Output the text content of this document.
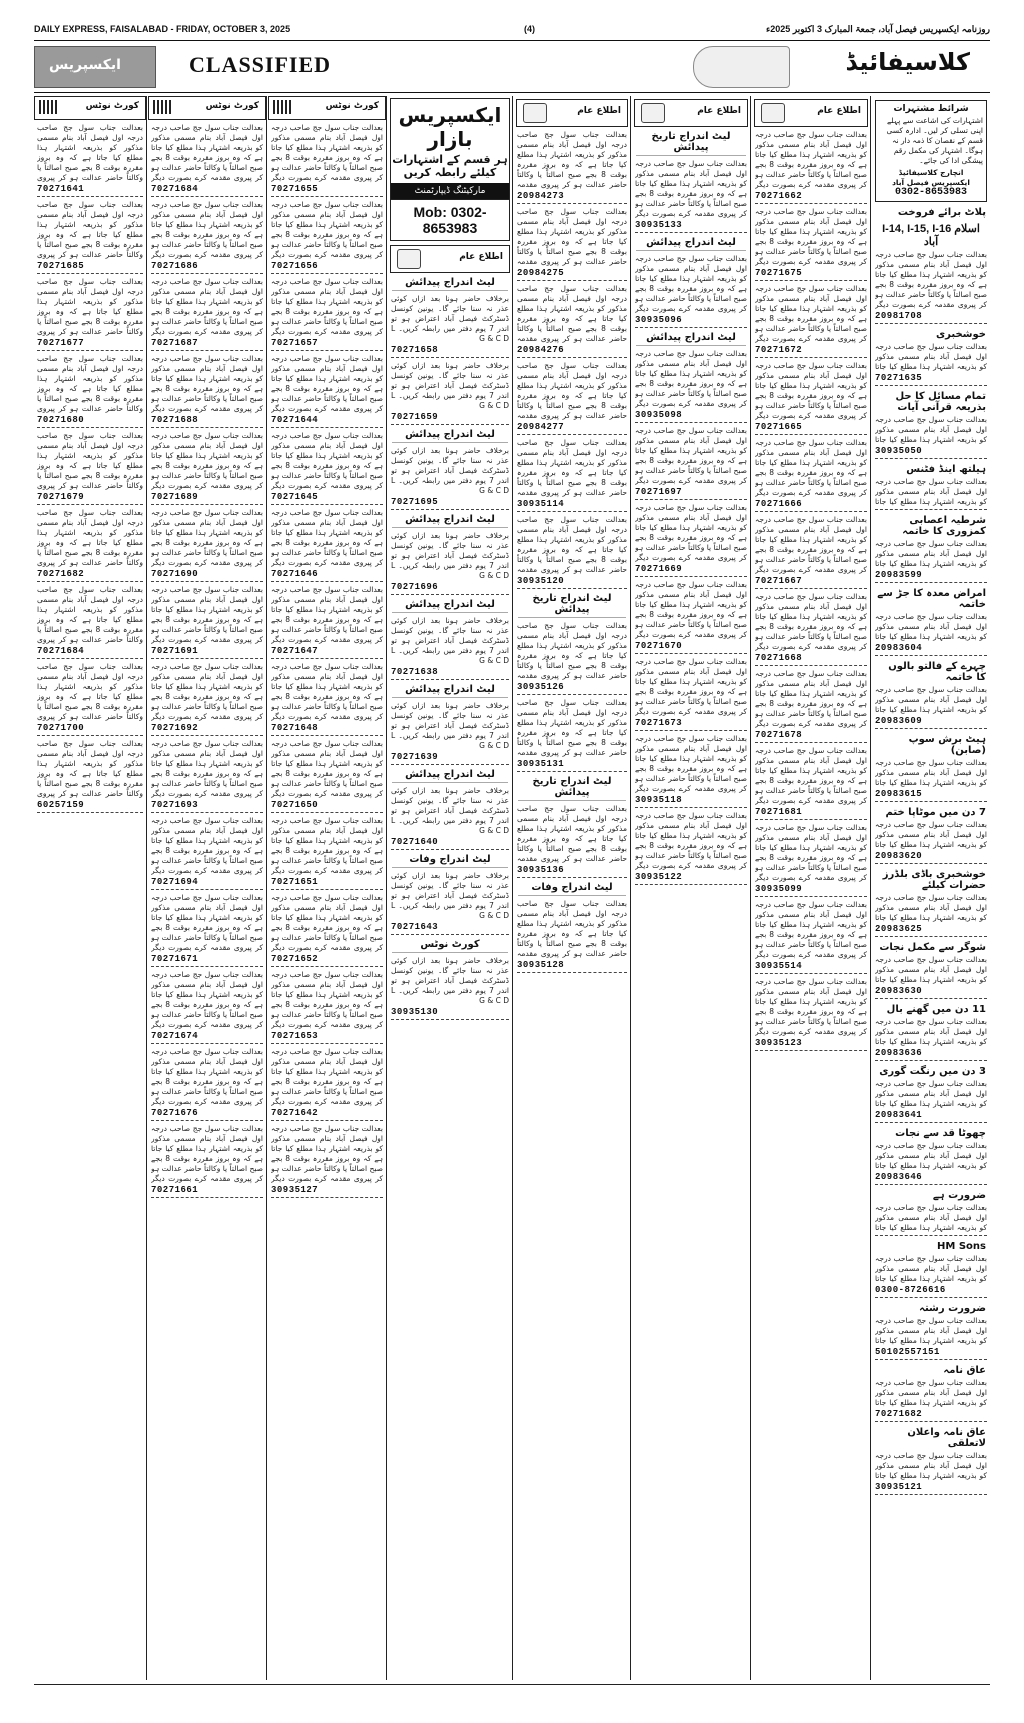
DAILY EXPRESS, FAISALABAD - FRIDAY, OCTOBER 3, 2025	(4)	روزنامہ ایکسپریس فیصل آباد، جمعۃ المبارک 3 اکتوبر 2025ء
ایکسپریس	CLASSIFIED	کلاسیفائیڈ
کورٹ نوٹس
بعدالت جناب سول جج صاحب درجہ اول فیصل آباد بنام مسمی مذکور کو بذریعہ اشتہار ہذا مطلع کیا جاتا ہے کہ وہ بروز مقررہ بوقت 8 بجے صبح اصالتاً یا وکالتاً حاضر عدالت ہو کر پیروی
70271641
بعدالت جناب سول جج صاحب درجہ اول فیصل آباد بنام مسمی مذکور کو بذریعہ اشتہار ہذا مطلع کیا جاتا ہے کہ وہ بروز مقررہ بوقت 8 بجے صبح اصالتاً یا وکالتاً حاضر عدالت ہو کر پیروی
70271685
بعدالت جناب سول جج صاحب درجہ اول فیصل آباد بنام مسمی مذکور کو بذریعہ اشتہار ہذا مطلع کیا جاتا ہے کہ وہ بروز مقررہ بوقت 8 بجے صبح اصالتاً یا وکالتاً حاضر عدالت ہو کر پیروی
70271677
بعدالت جناب سول جج صاحب درجہ اول فیصل آباد بنام مسمی مذکور کو بذریعہ اشتہار ہذا مطلع کیا جاتا ہے کہ وہ بروز مقررہ بوقت 8 بجے صبح اصالتاً یا وکالتاً حاضر عدالت ہو کر پیروی
70271680
بعدالت جناب سول جج صاحب درجہ اول فیصل آباد بنام مسمی مذکور کو بذریعہ اشتہار ہذا مطلع کیا جاتا ہے کہ وہ بروز مقررہ بوقت 8 بجے صبح اصالتاً یا وکالتاً حاضر عدالت ہو کر پیروی
70271679
بعدالت جناب سول جج صاحب درجہ اول فیصل آباد بنام مسمی مذکور کو بذریعہ اشتہار ہذا مطلع کیا جاتا ہے کہ وہ بروز مقررہ بوقت 8 بجے صبح اصالتاً یا وکالتاً حاضر عدالت ہو کر پیروی
70271682
بعدالت جناب سول جج صاحب درجہ اول فیصل آباد بنام مسمی مذکور کو بذریعہ اشتہار ہذا مطلع کیا جاتا ہے کہ وہ بروز مقررہ بوقت 8 بجے صبح اصالتاً یا وکالتاً حاضر عدالت ہو کر پیروی
70271684
بعدالت جناب سول جج صاحب درجہ اول فیصل آباد بنام مسمی مذکور کو بذریعہ اشتہار ہذا مطلع کیا جاتا ہے کہ وہ بروز مقررہ بوقت 8 بجے صبح اصالتاً یا وکالتاً حاضر عدالت ہو کر پیروی
70271700
بعدالت جناب سول جج صاحب درجہ اول فیصل آباد بنام مسمی مذکور کو بذریعہ اشتہار ہذا مطلع کیا جاتا ہے کہ وہ بروز مقررہ بوقت 8 بجے صبح اصالتاً یا وکالتاً حاضر عدالت ہو کر پیروی
60257159
کورٹ نوٹس
بعدالت جناب سول جج صاحب درجہ اول فیصل آباد بنام مسمی مذکور کو بذریعہ اشتہار ہذا مطلع کیا جاتا ہے کہ وہ بروز مقررہ بوقت 8 بجے صبح اصالتاً یا وکالتاً حاضر عدالت ہو کر پیروی مقدمہ کرے بصورت دیگر
70271684
بعدالت جناب سول جج صاحب درجہ اول فیصل آباد بنام مسمی مذکور کو بذریعہ اشتہار ہذا مطلع کیا جاتا ہے کہ وہ بروز مقررہ بوقت 8 بجے صبح اصالتاً یا وکالتاً حاضر عدالت ہو کر پیروی مقدمہ کرے بصورت دیگر
70271686
بعدالت جناب سول جج صاحب درجہ اول فیصل آباد بنام مسمی مذکور کو بذریعہ اشتہار ہذا مطلع کیا جاتا ہے کہ وہ بروز مقررہ بوقت 8 بجے صبح اصالتاً یا وکالتاً حاضر عدالت ہو کر پیروی مقدمہ کرے بصورت دیگر
70271687
بعدالت جناب سول جج صاحب درجہ اول فیصل آباد بنام مسمی مذکور کو بذریعہ اشتہار ہذا مطلع کیا جاتا ہے کہ وہ بروز مقررہ بوقت 8 بجے صبح اصالتاً یا وکالتاً حاضر عدالت ہو کر پیروی مقدمہ کرے بصورت دیگر
70271688
بعدالت جناب سول جج صاحب درجہ اول فیصل آباد بنام مسمی مذکور کو بذریعہ اشتہار ہذا مطلع کیا جاتا ہے کہ وہ بروز مقررہ بوقت 8 بجے صبح اصالتاً یا وکالتاً حاضر عدالت ہو کر پیروی مقدمہ کرے بصورت دیگر
70271689
بعدالت جناب سول جج صاحب درجہ اول فیصل آباد بنام مسمی مذکور کو بذریعہ اشتہار ہذا مطلع کیا جاتا ہے کہ وہ بروز مقررہ بوقت 8 بجے صبح اصالتاً یا وکالتاً حاضر عدالت ہو کر پیروی مقدمہ کرے بصورت دیگر
70271690
بعدالت جناب سول جج صاحب درجہ اول فیصل آباد بنام مسمی مذکور کو بذریعہ اشتہار ہذا مطلع کیا جاتا ہے کہ وہ بروز مقررہ بوقت 8 بجے صبح اصالتاً یا وکالتاً حاضر عدالت ہو کر پیروی مقدمہ کرے بصورت دیگر
70271691
بعدالت جناب سول جج صاحب درجہ اول فیصل آباد بنام مسمی مذکور کو بذریعہ اشتہار ہذا مطلع کیا جاتا ہے کہ وہ بروز مقررہ بوقت 8 بجے صبح اصالتاً یا وکالتاً حاضر عدالت ہو کر پیروی مقدمہ کرے بصورت دیگر
70271692
بعدالت جناب سول جج صاحب درجہ اول فیصل آباد بنام مسمی مذکور کو بذریعہ اشتہار ہذا مطلع کیا جاتا ہے کہ وہ بروز مقررہ بوقت 8 بجے صبح اصالتاً یا وکالتاً حاضر عدالت ہو کر پیروی مقدمہ کرے بصورت دیگر
70271693
بعدالت جناب سول جج صاحب درجہ اول فیصل آباد بنام مسمی مذکور کو بذریعہ اشتہار ہذا مطلع کیا جاتا ہے کہ وہ بروز مقررہ بوقت 8 بجے صبح اصالتاً یا وکالتاً حاضر عدالت ہو کر پیروی مقدمہ کرے بصورت دیگر
70271694
بعدالت جناب سول جج صاحب درجہ اول فیصل آباد بنام مسمی مذکور کو بذریعہ اشتہار ہذا مطلع کیا جاتا ہے کہ وہ بروز مقررہ بوقت 8 بجے صبح اصالتاً یا وکالتاً حاضر عدالت ہو کر پیروی مقدمہ کرے بصورت دیگر
70271671
بعدالت جناب سول جج صاحب درجہ اول فیصل آباد بنام مسمی مذکور کو بذریعہ اشتہار ہذا مطلع کیا جاتا ہے کہ وہ بروز مقررہ بوقت 8 بجے صبح اصالتاً یا وکالتاً حاضر عدالت ہو کر پیروی مقدمہ کرے بصورت دیگر
70271674
بعدالت جناب سول جج صاحب درجہ اول فیصل آباد بنام مسمی مذکور کو بذریعہ اشتہار ہذا مطلع کیا جاتا ہے کہ وہ بروز مقررہ بوقت 8 بجے صبح اصالتاً یا وکالتاً حاضر عدالت ہو کر پیروی مقدمہ کرے بصورت دیگر
70271676
بعدالت جناب سول جج صاحب درجہ اول فیصل آباد بنام مسمی مذکور کو بذریعہ اشتہار ہذا مطلع کیا جاتا ہے کہ وہ بروز مقررہ بوقت 8 بجے صبح اصالتاً یا وکالتاً حاضر عدالت ہو کر پیروی مقدمہ کرے بصورت دیگر
70271661
کورٹ نوٹس
بعدالت جناب سول جج صاحب درجہ اول فیصل آباد بنام مسمی مذکور کو بذریعہ اشتہار ہذا مطلع کیا جاتا ہے کہ وہ بروز مقررہ بوقت 8 بجے صبح اصالتاً یا وکالتاً حاضر عدالت ہو کر پیروی مقدمہ کرے بصورت دیگر
70271655
بعدالت جناب سول جج صاحب درجہ اول فیصل آباد بنام مسمی مذکور کو بذریعہ اشتہار ہذا مطلع کیا جاتا ہے کہ وہ بروز مقررہ بوقت 8 بجے صبح اصالتاً یا وکالتاً حاضر عدالت ہو کر پیروی مقدمہ کرے بصورت دیگر
70271656
بعدالت جناب سول جج صاحب درجہ اول فیصل آباد بنام مسمی مذکور کو بذریعہ اشتہار ہذا مطلع کیا جاتا ہے کہ وہ بروز مقررہ بوقت 8 بجے صبح اصالتاً یا وکالتاً حاضر عدالت ہو کر پیروی مقدمہ کرے بصورت دیگر
70271657
بعدالت جناب سول جج صاحب درجہ اول فیصل آباد بنام مسمی مذکور کو بذریعہ اشتہار ہذا مطلع کیا جاتا ہے کہ وہ بروز مقررہ بوقت 8 بجے صبح اصالتاً یا وکالتاً حاضر عدالت ہو کر پیروی مقدمہ کرے بصورت دیگر
70271644
بعدالت جناب سول جج صاحب درجہ اول فیصل آباد بنام مسمی مذکور کو بذریعہ اشتہار ہذا مطلع کیا جاتا ہے کہ وہ بروز مقررہ بوقت 8 بجے صبح اصالتاً یا وکالتاً حاضر عدالت ہو کر پیروی مقدمہ کرے بصورت دیگر
70271645
بعدالت جناب سول جج صاحب درجہ اول فیصل آباد بنام مسمی مذکور کو بذریعہ اشتہار ہذا مطلع کیا جاتا ہے کہ وہ بروز مقررہ بوقت 8 بجے صبح اصالتاً یا وکالتاً حاضر عدالت ہو کر پیروی مقدمہ کرے بصورت دیگر
70271646
بعدالت جناب سول جج صاحب درجہ اول فیصل آباد بنام مسمی مذکور کو بذریعہ اشتہار ہذا مطلع کیا جاتا ہے کہ وہ بروز مقررہ بوقت 8 بجے صبح اصالتاً یا وکالتاً حاضر عدالت ہو کر پیروی مقدمہ کرے بصورت دیگر
70271647
بعدالت جناب سول جج صاحب درجہ اول فیصل آباد بنام مسمی مذکور کو بذریعہ اشتہار ہذا مطلع کیا جاتا ہے کہ وہ بروز مقررہ بوقت 8 بجے صبح اصالتاً یا وکالتاً حاضر عدالت ہو کر پیروی مقدمہ کرے بصورت دیگر
70271648
بعدالت جناب سول جج صاحب درجہ اول فیصل آباد بنام مسمی مذکور کو بذریعہ اشتہار ہذا مطلع کیا جاتا ہے کہ وہ بروز مقررہ بوقت 8 بجے صبح اصالتاً یا وکالتاً حاضر عدالت ہو کر پیروی مقدمہ کرے بصورت دیگر
70271650
بعدالت جناب سول جج صاحب درجہ اول فیصل آباد بنام مسمی مذکور کو بذریعہ اشتہار ہذا مطلع کیا جاتا ہے کہ وہ بروز مقررہ بوقت 8 بجے صبح اصالتاً یا وکالتاً حاضر عدالت ہو کر پیروی مقدمہ کرے بصورت دیگر
70271651
بعدالت جناب سول جج صاحب درجہ اول فیصل آباد بنام مسمی مذکور کو بذریعہ اشتہار ہذا مطلع کیا جاتا ہے کہ وہ بروز مقررہ بوقت 8 بجے صبح اصالتاً یا وکالتاً حاضر عدالت ہو کر پیروی مقدمہ کرے بصورت دیگر
70271652
بعدالت جناب سول جج صاحب درجہ اول فیصل آباد بنام مسمی مذکور کو بذریعہ اشتہار ہذا مطلع کیا جاتا ہے کہ وہ بروز مقررہ بوقت 8 بجے صبح اصالتاً یا وکالتاً حاضر عدالت ہو کر پیروی مقدمہ کرے بصورت دیگر
70271653
بعدالت جناب سول جج صاحب درجہ اول فیصل آباد بنام مسمی مذکور کو بذریعہ اشتہار ہذا مطلع کیا جاتا ہے کہ وہ بروز مقررہ بوقت 8 بجے صبح اصالتاً یا وکالتاً حاضر عدالت ہو کر پیروی مقدمہ کرے بصورت دیگر
70271642
بعدالت جناب سول جج صاحب درجہ اول فیصل آباد بنام مسمی مذکور کو بذریعہ اشتہار ہذا مطلع کیا جاتا ہے کہ وہ بروز مقررہ بوقت 8 بجے صبح اصالتاً یا وکالتاً حاضر عدالت ہو کر پیروی مقدمہ کرے بصورت دیگر
30935127
ایکسپریس بازار
ہر قسم کے اشتہارات کیلئے رابطہ کریں
مارکیٹنگ ڈیپارٹمنٹ
Mob: 0302-8653983
اطلاع عام
لیٹ اندراج پیدائش
برخلاف حاضر ہونا بعد ازاں کوئی عذر نہ سنا جائے گا۔ یونین کونسل ڈسٹرکٹ فیصل آباد اعتراض ہو تو اندر 7 یوم دفتر میں رابطہ کریں۔ L G & C D
70271658
برخلاف حاضر ہونا بعد ازاں کوئی عذر نہ سنا جائے گا۔ یونین کونسل ڈسٹرکٹ فیصل آباد اعتراض ہو تو اندر 7 یوم دفتر میں رابطہ کریں۔ L G & C D
70271659
لیٹ اندراج پیدائش
برخلاف حاضر ہونا بعد ازاں کوئی عذر نہ سنا جائے گا۔ یونین کونسل ڈسٹرکٹ فیصل آباد اعتراض ہو تو اندر 7 یوم دفتر میں رابطہ کریں۔ L G & C D
70271695
لیٹ اندراج پیدائش
برخلاف حاضر ہونا بعد ازاں کوئی عذر نہ سنا جائے گا۔ یونین کونسل ڈسٹرکٹ فیصل آباد اعتراض ہو تو اندر 7 یوم دفتر میں رابطہ کریں۔ L G & C D
70271696
لیٹ اندراج پیدائش
برخلاف حاضر ہونا بعد ازاں کوئی عذر نہ سنا جائے گا۔ یونین کونسل ڈسٹرکٹ فیصل آباد اعتراض ہو تو اندر 7 یوم دفتر میں رابطہ کریں۔ L G & C D
70271638
لیٹ اندراج پیدائش
برخلاف حاضر ہونا بعد ازاں کوئی عذر نہ سنا جائے گا۔ یونین کونسل ڈسٹرکٹ فیصل آباد اعتراض ہو تو اندر 7 یوم دفتر میں رابطہ کریں۔ L G & C D
70271639
لیٹ اندراج پیدائش
برخلاف حاضر ہونا بعد ازاں کوئی عذر نہ سنا جائے گا۔ یونین کونسل ڈسٹرکٹ فیصل آباد اعتراض ہو تو اندر 7 یوم دفتر میں رابطہ کریں۔ L G & C D
70271640
لیٹ اندراج وفات
برخلاف حاضر ہونا بعد ازاں کوئی عذر نہ سنا جائے گا۔ یونین کونسل ڈسٹرکٹ فیصل آباد اعتراض ہو تو اندر 7 یوم دفتر میں رابطہ کریں۔ L G & C D
70271643
کورٹ نوٹس
برخلاف حاضر ہونا بعد ازاں کوئی عذر نہ سنا جائے گا۔ یونین کونسل ڈسٹرکٹ فیصل آباد اعتراض ہو تو اندر 7 یوم دفتر میں رابطہ کریں۔ L G & C D
30935130
اطلاع عام
بعدالت جناب سول جج صاحب درجہ اول فیصل آباد بنام مسمی مذکور کو بذریعہ اشتہار ہذا مطلع کیا جاتا ہے کہ وہ بروز مقررہ بوقت 8 بجے صبح اصالتاً یا وکالتاً حاضر عدالت ہو کر پیروی مقدمہ
20984273
بعدالت جناب سول جج صاحب درجہ اول فیصل آباد بنام مسمی مذکور کو بذریعہ اشتہار ہذا مطلع کیا جاتا ہے کہ وہ بروز مقررہ بوقت 8 بجے صبح اصالتاً یا وکالتاً حاضر عدالت ہو کر پیروی مقدمہ
20984275
بعدالت جناب سول جج صاحب درجہ اول فیصل آباد بنام مسمی مذکور کو بذریعہ اشتہار ہذا مطلع کیا جاتا ہے کہ وہ بروز مقررہ بوقت 8 بجے صبح اصالتاً یا وکالتاً حاضر عدالت ہو کر پیروی مقدمہ
20984276
بعدالت جناب سول جج صاحب درجہ اول فیصل آباد بنام مسمی مذکور کو بذریعہ اشتہار ہذا مطلع کیا جاتا ہے کہ وہ بروز مقررہ بوقت 8 بجے صبح اصالتاً یا وکالتاً حاضر عدالت ہو کر پیروی مقدمہ
20984277
بعدالت جناب سول جج صاحب درجہ اول فیصل آباد بنام مسمی مذکور کو بذریعہ اشتہار ہذا مطلع کیا جاتا ہے کہ وہ بروز مقررہ بوقت 8 بجے صبح اصالتاً یا وکالتاً حاضر عدالت ہو کر پیروی مقدمہ
30935114
بعدالت جناب سول جج صاحب درجہ اول فیصل آباد بنام مسمی مذکور کو بذریعہ اشتہار ہذا مطلع کیا جاتا ہے کہ وہ بروز مقررہ بوقت 8 بجے صبح اصالتاً یا وکالتاً حاضر عدالت ہو کر پیروی مقدمہ
30935120
لیٹ اندراج تاریخ پیدائش
بعدالت جناب سول جج صاحب درجہ اول فیصل آباد بنام مسمی مذکور کو بذریعہ اشتہار ہذا مطلع کیا جاتا ہے کہ وہ بروز مقررہ بوقت 8 بجے صبح اصالتاً یا وکالتاً حاضر عدالت ہو کر پیروی مقدمہ
30935126
بعدالت جناب سول جج صاحب درجہ اول فیصل آباد بنام مسمی مذکور کو بذریعہ اشتہار ہذا مطلع کیا جاتا ہے کہ وہ بروز مقررہ بوقت 8 بجے صبح اصالتاً یا وکالتاً حاضر عدالت ہو کر پیروی مقدمہ
30935131
لیٹ اندراج تاریخ پیدائش
بعدالت جناب سول جج صاحب درجہ اول فیصل آباد بنام مسمی مذکور کو بذریعہ اشتہار ہذا مطلع کیا جاتا ہے کہ وہ بروز مقررہ بوقت 8 بجے صبح اصالتاً یا وکالتاً حاضر عدالت ہو کر پیروی مقدمہ
30935136
لیٹ اندراج وفات
بعدالت جناب سول جج صاحب درجہ اول فیصل آباد بنام مسمی مذکور کو بذریعہ اشتہار ہذا مطلع کیا جاتا ہے کہ وہ بروز مقررہ بوقت 8 بجے صبح اصالتاً یا وکالتاً حاضر عدالت ہو کر پیروی مقدمہ
30935128
اطلاع عام
لیٹ اندراج تاریخ پیدائش
بعدالت جناب سول جج صاحب درجہ اول فیصل آباد بنام مسمی مذکور کو بذریعہ اشتہار ہذا مطلع کیا جاتا ہے کہ وہ بروز مقررہ بوقت 8 بجے صبح اصالتاً یا وکالتاً حاضر عدالت ہو کر پیروی مقدمہ کرے بصورت دیگر
30935133
لیٹ اندراج پیدائش
بعدالت جناب سول جج صاحب درجہ اول فیصل آباد بنام مسمی مذکور کو بذریعہ اشتہار ہذا مطلع کیا جاتا ہے کہ وہ بروز مقررہ بوقت 8 بجے صبح اصالتاً یا وکالتاً حاضر عدالت ہو کر پیروی مقدمہ کرے بصورت دیگر
30935096
لیٹ اندراج پیدائش
بعدالت جناب سول جج صاحب درجہ اول فیصل آباد بنام مسمی مذکور کو بذریعہ اشتہار ہذا مطلع کیا جاتا ہے کہ وہ بروز مقررہ بوقت 8 بجے صبح اصالتاً یا وکالتاً حاضر عدالت ہو کر پیروی مقدمہ کرے بصورت دیگر
30935098
بعدالت جناب سول جج صاحب درجہ اول فیصل آباد بنام مسمی مذکور کو بذریعہ اشتہار ہذا مطلع کیا جاتا ہے کہ وہ بروز مقررہ بوقت 8 بجے صبح اصالتاً یا وکالتاً حاضر عدالت ہو کر پیروی مقدمہ کرے بصورت دیگر
70271697
بعدالت جناب سول جج صاحب درجہ اول فیصل آباد بنام مسمی مذکور کو بذریعہ اشتہار ہذا مطلع کیا جاتا ہے کہ وہ بروز مقررہ بوقت 8 بجے صبح اصالتاً یا وکالتاً حاضر عدالت ہو کر پیروی مقدمہ کرے بصورت دیگر
70271669
بعدالت جناب سول جج صاحب درجہ اول فیصل آباد بنام مسمی مذکور کو بذریعہ اشتہار ہذا مطلع کیا جاتا ہے کہ وہ بروز مقررہ بوقت 8 بجے صبح اصالتاً یا وکالتاً حاضر عدالت ہو کر پیروی مقدمہ کرے بصورت دیگر
70271670
بعدالت جناب سول جج صاحب درجہ اول فیصل آباد بنام مسمی مذکور کو بذریعہ اشتہار ہذا مطلع کیا جاتا ہے کہ وہ بروز مقررہ بوقت 8 بجے صبح اصالتاً یا وکالتاً حاضر عدالت ہو کر پیروی مقدمہ کرے بصورت دیگر
70271673
بعدالت جناب سول جج صاحب درجہ اول فیصل آباد بنام مسمی مذکور کو بذریعہ اشتہار ہذا مطلع کیا جاتا ہے کہ وہ بروز مقررہ بوقت 8 بجے صبح اصالتاً یا وکالتاً حاضر عدالت ہو کر پیروی مقدمہ کرے بصورت دیگر
30935118
بعدالت جناب سول جج صاحب درجہ اول فیصل آباد بنام مسمی مذکور کو بذریعہ اشتہار ہذا مطلع کیا جاتا ہے کہ وہ بروز مقررہ بوقت 8 بجے صبح اصالتاً یا وکالتاً حاضر عدالت ہو کر پیروی مقدمہ کرے بصورت دیگر
30935122
اطلاع عام
بعدالت جناب سول جج صاحب درجہ اول فیصل آباد بنام مسمی مذکور کو بذریعہ اشتہار ہذا مطلع کیا جاتا ہے کہ وہ بروز مقررہ بوقت 8 بجے صبح اصالتاً یا وکالتاً حاضر عدالت ہو کر پیروی مقدمہ کرے بصورت دیگر
70271662
بعدالت جناب سول جج صاحب درجہ اول فیصل آباد بنام مسمی مذکور کو بذریعہ اشتہار ہذا مطلع کیا جاتا ہے کہ وہ بروز مقررہ بوقت 8 بجے صبح اصالتاً یا وکالتاً حاضر عدالت ہو کر پیروی مقدمہ کرے بصورت دیگر
70271675
بعدالت جناب سول جج صاحب درجہ اول فیصل آباد بنام مسمی مذکور کو بذریعہ اشتہار ہذا مطلع کیا جاتا ہے کہ وہ بروز مقررہ بوقت 8 بجے صبح اصالتاً یا وکالتاً حاضر عدالت ہو کر پیروی مقدمہ کرے بصورت دیگر
70271672
بعدالت جناب سول جج صاحب درجہ اول فیصل آباد بنام مسمی مذکور کو بذریعہ اشتہار ہذا مطلع کیا جاتا ہے کہ وہ بروز مقررہ بوقت 8 بجے صبح اصالتاً یا وکالتاً حاضر عدالت ہو کر پیروی مقدمہ کرے بصورت دیگر
70271665
بعدالت جناب سول جج صاحب درجہ اول فیصل آباد بنام مسمی مذکور کو بذریعہ اشتہار ہذا مطلع کیا جاتا ہے کہ وہ بروز مقررہ بوقت 8 بجے صبح اصالتاً یا وکالتاً حاضر عدالت ہو کر پیروی مقدمہ کرے بصورت دیگر
70271666
بعدالت جناب سول جج صاحب درجہ اول فیصل آباد بنام مسمی مذکور کو بذریعہ اشتہار ہذا مطلع کیا جاتا ہے کہ وہ بروز مقررہ بوقت 8 بجے صبح اصالتاً یا وکالتاً حاضر عدالت ہو کر پیروی مقدمہ کرے بصورت دیگر
70271667
بعدالت جناب سول جج صاحب درجہ اول فیصل آباد بنام مسمی مذکور کو بذریعہ اشتہار ہذا مطلع کیا جاتا ہے کہ وہ بروز مقررہ بوقت 8 بجے صبح اصالتاً یا وکالتاً حاضر عدالت ہو کر پیروی مقدمہ کرے بصورت دیگر
70271668
بعدالت جناب سول جج صاحب درجہ اول فیصل آباد بنام مسمی مذکور کو بذریعہ اشتہار ہذا مطلع کیا جاتا ہے کہ وہ بروز مقررہ بوقت 8 بجے صبح اصالتاً یا وکالتاً حاضر عدالت ہو کر پیروی مقدمہ کرے بصورت دیگر
70271678
بعدالت جناب سول جج صاحب درجہ اول فیصل آباد بنام مسمی مذکور کو بذریعہ اشتہار ہذا مطلع کیا جاتا ہے کہ وہ بروز مقررہ بوقت 8 بجے صبح اصالتاً یا وکالتاً حاضر عدالت ہو کر پیروی مقدمہ کرے بصورت دیگر
70271681
بعدالت جناب سول جج صاحب درجہ اول فیصل آباد بنام مسمی مذکور کو بذریعہ اشتہار ہذا مطلع کیا جاتا ہے کہ وہ بروز مقررہ بوقت 8 بجے صبح اصالتاً یا وکالتاً حاضر عدالت ہو کر پیروی مقدمہ کرے بصورت دیگر
30935099
بعدالت جناب سول جج صاحب درجہ اول فیصل آباد بنام مسمی مذکور کو بذریعہ اشتہار ہذا مطلع کیا جاتا ہے کہ وہ بروز مقررہ بوقت 8 بجے صبح اصالتاً یا وکالتاً حاضر عدالت ہو کر پیروی مقدمہ کرے بصورت دیگر
30935514
بعدالت جناب سول جج صاحب درجہ اول فیصل آباد بنام مسمی مذکور کو بذریعہ اشتہار ہذا مطلع کیا جاتا ہے کہ وہ بروز مقررہ بوقت 8 بجے صبح اصالتاً یا وکالتاً حاضر عدالت ہو کر پیروی مقدمہ کرے بصورت دیگر
30935123
شرائط مشتہرات
اشتہارات کی اشاعت سے پہلے اپنی تسلی کر لیں۔ ادارہ کسی قسم کے نقصان کا ذمہ دار نہ ہوگا۔ اشتہار کی مکمل رقم پیشگی ادا کی جائے۔
انچارج کلاسیفائیڈ ایکسپریس فیصل آباد
0302-8653983
پلاٹ برائے فروخت
I-14, I-15, I-16 اسلام آباد
بعدالت جناب سول جج صاحب درجہ اول فیصل آباد بنام مسمی مذکور کو بذریعہ اشتہار ہذا مطلع کیا جاتا ہے کہ وہ بروز مقررہ بوقت 8 بجے صبح اصالتاً یا وکالتاً حاضر عدالت ہو کر پیروی مقدمہ کرے بصورت دیگر
20981708
خوشخبری
بعدالت جناب سول جج صاحب درجہ اول فیصل آباد بنام مسمی مذکور کو بذریعہ اشتہار ہذا مطلع کیا جاتا
70271635
تمام مسائل کا حل بذریعہ قرآنی آیات
بعدالت جناب سول جج صاحب درجہ اول فیصل آباد بنام مسمی مذکور کو بذریعہ اشتہار ہذا مطلع کیا جاتا
30935050
ہیلتھ اینڈ فٹنس
بعدالت جناب سول جج صاحب درجہ اول فیصل آباد بنام مسمی مذکور کو بذریعہ اشتہار ہذا مطلع کیا جاتا
شرطیہ اعصابی کمزوری کا خاتمہ
بعدالت جناب سول جج صاحب درجہ اول فیصل آباد بنام مسمی مذکور کو بذریعہ اشتہار ہذا مطلع کیا جاتا
20983599
امراض معدہ کا جڑ سے خاتمہ
بعدالت جناب سول جج صاحب درجہ اول فیصل آباد بنام مسمی مذکور کو بذریعہ اشتہار ہذا مطلع کیا جاتا
20983604
چہرے کے فالتو بالوں کا خاتمہ
بعدالت جناب سول جج صاحب درجہ اول فیصل آباد بنام مسمی مذکور کو بذریعہ اشتہار ہذا مطلع کیا جاتا
20983609
ہیٹ برش سوپ (صابن)
بعدالت جناب سول جج صاحب درجہ اول فیصل آباد بنام مسمی مذکور کو بذریعہ اشتہار ہذا مطلع کیا جاتا
20983615
7 دن میں موٹاپا ختم
بعدالت جناب سول جج صاحب درجہ اول فیصل آباد بنام مسمی مذکور کو بذریعہ اشتہار ہذا مطلع کیا جاتا
20983620
خوشخبری باڈی بلڈرز حضرات کیلئے
بعدالت جناب سول جج صاحب درجہ اول فیصل آباد بنام مسمی مذکور کو بذریعہ اشتہار ہذا مطلع کیا جاتا
20983625
شوگر سے مکمل نجات
بعدالت جناب سول جج صاحب درجہ اول فیصل آباد بنام مسمی مذکور کو بذریعہ اشتہار ہذا مطلع کیا جاتا
20983630
11 دن میں گھنے بال
بعدالت جناب سول جج صاحب درجہ اول فیصل آباد بنام مسمی مذکور کو بذریعہ اشتہار ہذا مطلع کیا جاتا
20983636
3 دن میں رنگت گوری
بعدالت جناب سول جج صاحب درجہ اول فیصل آباد بنام مسمی مذکور کو بذریعہ اشتہار ہذا مطلع کیا جاتا
20983641
چھوٹا قد سے نجات
بعدالت جناب سول جج صاحب درجہ اول فیصل آباد بنام مسمی مذکور کو بذریعہ اشتہار ہذا مطلع کیا جاتا
20983646
ضرورت ہے
بعدالت جناب سول جج صاحب درجہ اول فیصل آباد بنام مسمی مذکور کو بذریعہ اشتہار ہذا مطلع کیا جاتا
HM Sons
بعدالت جناب سول جج صاحب درجہ اول فیصل آباد بنام مسمی مذکور کو بذریعہ اشتہار ہذا مطلع کیا جاتا
0300-8726616
ضرورت رشتہ
بعدالت جناب سول جج صاحب درجہ اول فیصل آباد بنام مسمی مذکور کو بذریعہ اشتہار ہذا مطلع کیا جاتا
50102557151
عاق نامہ
بعدالت جناب سول جج صاحب درجہ اول فیصل آباد بنام مسمی مذکور کو بذریعہ اشتہار ہذا مطلع کیا جاتا
70271682
عاق نامہ واعلان لاتعلقی
بعدالت جناب سول جج صاحب درجہ اول فیصل آباد بنام مسمی مذکور کو بذریعہ اشتہار ہذا مطلع کیا جاتا
30935121
